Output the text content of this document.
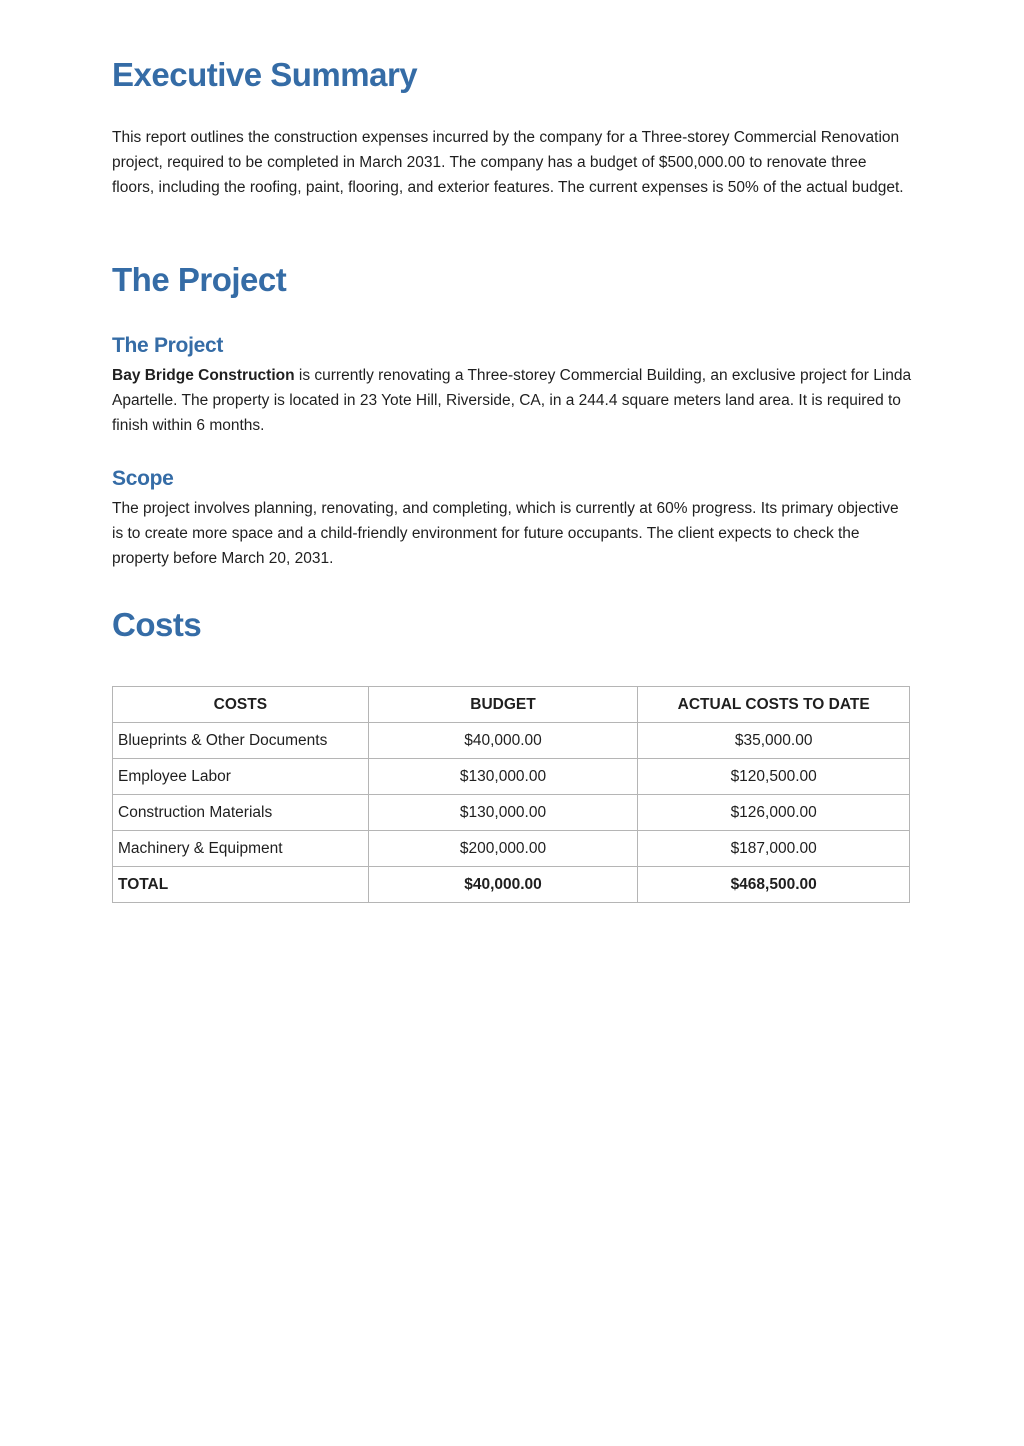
Executive Summary

This report outlines the construction expenses incurred by the company for a Three-storey Commercial Renovation project, required to be completed in March 2031. The company has a budget of $500,000.00 to renovate three floors, including the roofing, paint, flooring, and exterior features. The current expenses is 50% of the actual budget.

The Project
The Project

Bay Bridge Construction is currently renovating a Three-storey Commercial Building, an exclusive project for Linda Apartelle. The property is located in 23 Yote Hill, Riverside, CA, in a 244.4 square meters land area. It is required to finish within 6 months.

Scope

The project involves planning, renovating, and completing, which is currently at 60% progress. Its primary objective is to create more space and a child-friendly environment for future occupants. The client expects to check the property before March 20, 2031.

Costs
COSTS	BUDGET	ACTUAL COSTS TO DATE
Blueprints & Other Documents	$40,000.00	$35,000.00
Employee Labor	$130,000.00	$120,500.00
Construction Materials	$130,000.00	$126,000.00
Machinery & Equipment	$200,000.00	$187,000.00
TOTAL	$40,000.00	$468,500.00
